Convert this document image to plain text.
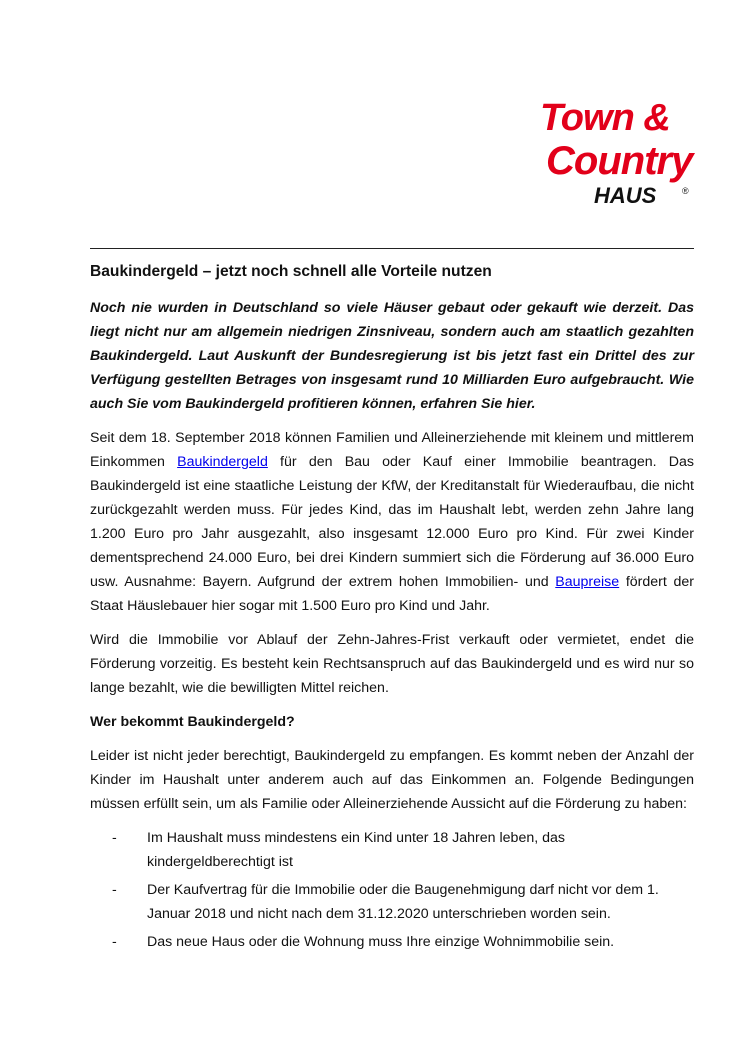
Town &
Country
HAUS	®
Baukindergeld – jetzt noch schnell alle Vorteile nutzen

Noch nie wurden in Deutschland so viele Häuser gebaut oder gekauft wie derzeit. Das liegt nicht nur am allgemein niedrigen Zinsniveau, sondern auch am staatlich gezahlten Baukindergeld. Laut Auskunft der Bundesregierung ist bis jetzt fast ein Drittel des zur Verfügung gestellten Betrages von insgesamt rund 10 Milliarden Euro aufgebraucht. Wie auch Sie vom Baukindergeld profitieren können, erfahren Sie hier.

Seit dem 18. September 2018 können Familien und Alleinerziehende mit kleinem und mittlerem Einkommen Baukindergeld für den Bau oder Kauf einer Immobilie beantragen. Das Baukindergeld ist eine staatliche Leistung der KfW, der Kreditanstalt für Wiederaufbau, die nicht zurückgezahlt werden muss. Für jedes Kind, das im Haushalt lebt, werden zehn Jahre lang 1.200 Euro pro Jahr ausgezahlt, also insgesamt 12.000 Euro pro Kind. Für zwei Kinder dementsprechend 24.000 Euro, bei drei Kindern summiert sich die Förderung auf 36.000 Euro usw. Ausnahme: Bayern. Aufgrund der extrem hohen Immobilien- und Baupreise fördert der Staat Häuslebauer hier sogar mit 1.500 Euro pro Kind und Jahr.

Wird die Immobilie vor Ablauf der Zehn-Jahres-Frist verkauft oder vermietet, endet die Förderung vorzeitig. Es besteht kein Rechtsanspruch auf das Baukindergeld und es wird nur so lange bezahlt, wie die bewilligten Mittel reichen.

Wer bekommt Baukindergeld?

Leider ist nicht jeder berechtigt, Baukindergeld zu empfangen. Es kommt neben der Anzahl der Kinder im Haushalt unter anderem auch auf das Einkommen an. Folgende Bedingungen müssen erfüllt sein, um als Familie oder Alleinerziehende Aussicht auf die Förderung zu haben:

- Im Haushalt muss mindestens ein Kind unter 18 Jahren leben, das kindergeldberechtigt ist
- Der Kaufvertrag für die Immobilie oder die Baugenehmigung darf nicht vor dem 1. Januar 2018 und nicht nach dem 31.12.2020 unterschrieben worden sein.
- Das neue Haus oder die Wohnung muss Ihre einzige Wohnimmobilie sein.
